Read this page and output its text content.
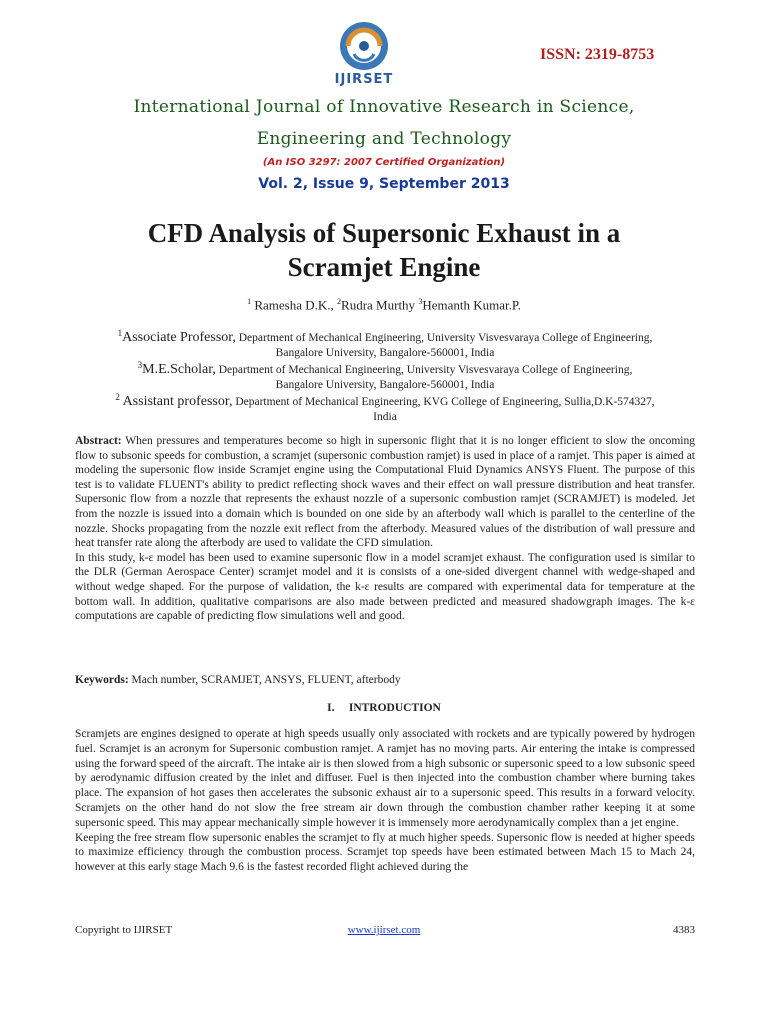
IJIRSET
ISSN: 2319-8753
International Journal of Innovative Research in Science,
Engineering and Technology
(An ISO 3297: 2007 Certified Organization)
Vol. 2, Issue 9, September 2013
CFD Analysis of Supersonic Exhaust in a
Scramjet Engine
$^1$ Ramesha D.K., $^2$Rudra Murthy $^3$Hemanth Kumar.P.
$^1$Associate Professor, Department of Mechanical Engineering, University Visvesvaraya College of Engineering,
Bangalore University, Bangalore-560001, India
$^3$M.E.Scholar, Department of Mechanical Engineering, University Visvesvaraya College of Engineering,
Bangalore University, Bangalore-560001, India
$^2$ Assistant professor, Department of Mechanical Engineering, KVG College of Engineering, Sullia,D.K-574327,
India

Abstract: When pressures and temperatures become so high in supersonic flight that it is no longer efficient to slow the oncoming flow to subsonic speeds for combustion, a scramjet (supersonic combustion ramjet) is used in place of a ramjet. This paper is aimed at modeling the supersonic flow inside Scramjet engine using the Computational Fluid Dynamics ANSYS Fluent. The purpose of this test is to validate FLUENT's ability to predict reflecting shock waves and their effect on wall pressure distribution and heat transfer. Supersonic flow from a nozzle that represents the exhaust nozzle of a supersonic combustion ramjet (SCRAMJET) is modeled. Jet from the nozzle is issued into a domain which is bounded on one side by an afterbody wall which is parallel to the centerline of the nozzle. Shocks propagating from the nozzle exit reflect from the afterbody. Measured values of the distribution of wall pressure and heat transfer rate along the afterbody are used to validate the CFD simulation.

In this study, k-ε model has been used to examine supersonic flow in a model scramjet exhaust. The configuration used is similar to the DLR (German Aerospace Center) scramjet model and it is consists of a one-sided divergent channel with wedge-shaped and without wedge shaped. For the purpose of validation, the k-ε results are compared with experimental data for temperature at the bottom wall. In addition, qualitative comparisons are also made between predicted and measured shadowgraph images. The k-ε computations are capable of predicting flow simulations well and good.

Keywords: Mach number, SCRAMJET, ANSYS, FLUENT, afterbody
I.     INTRODUCTION

Scramjets are engines designed to operate at high speeds usually only associated with rockets and are typically powered by hydrogen fuel. Scramjet is an acronym for Supersonic combustion ramjet. A ramjet has no moving parts. Air entering the intake is compressed using the forward speed of the aircraft. The intake air is then slowed from a high subsonic or supersonic speed to a low subsonic speed by aerodynamic diffusion created by the inlet and diffuser. Fuel is then injected into the combustion chamber where burning takes place. The expansion of hot gases then accelerates the subsonic exhaust air to a supersonic speed. This results in a forward velocity. Scramjets on the other hand do not slow the free stream air down through the combustion chamber rather keeping it at some supersonic speed. This may appear mechanically simple however it is immensely more aerodynamically complex than a jet engine.

Keeping the free stream flow supersonic enables the scramjet to fly at much higher speeds. Supersonic flow is needed at higher speeds to maximize efficiency through the combustion process. Scramjet top speeds have been estimated between Mach 15 to Mach 24, however at this early stage Mach 9.6 is the fastest recorded flight achieved during the

Copyright to IJIRSET	www.ijirset.com	4383
